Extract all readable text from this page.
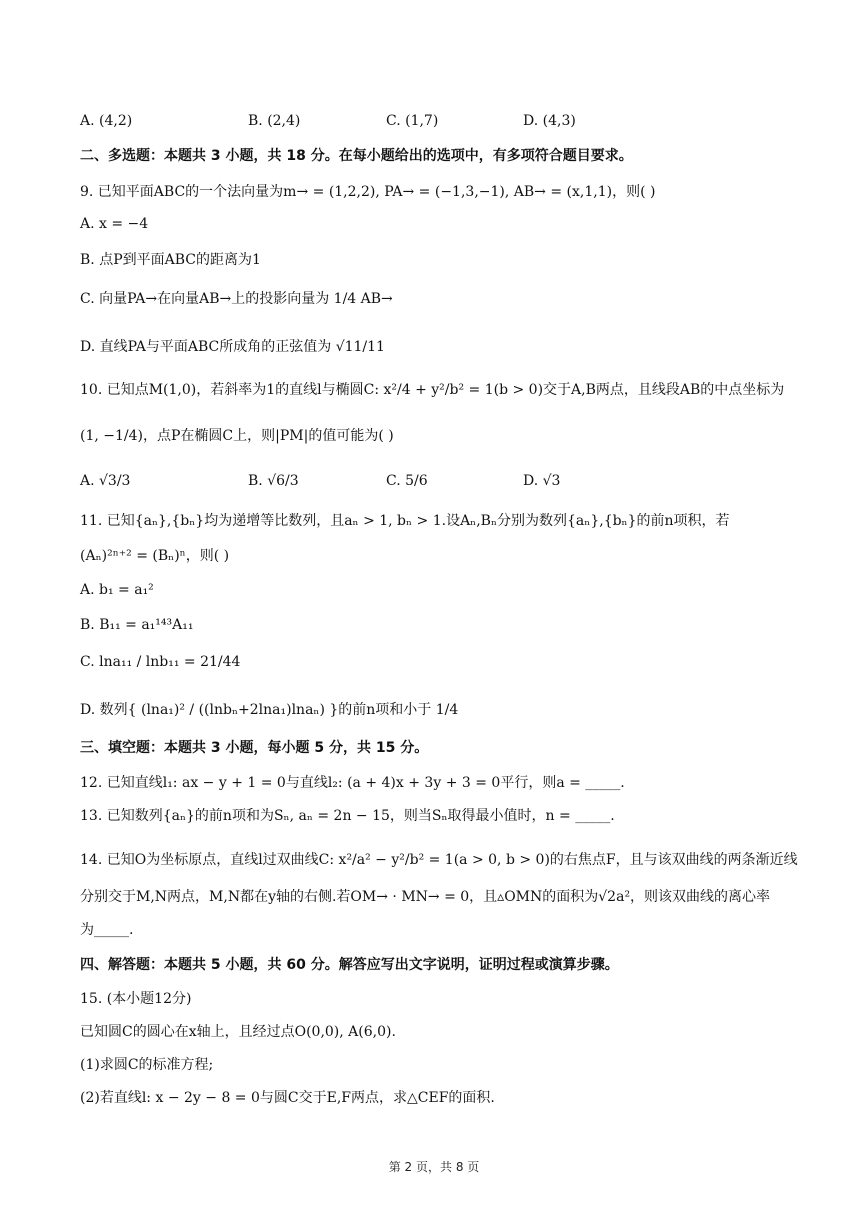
A. (4,2)	B. (2,4)	C. (1,7)	D. (4,3)
二、多选题：本题共 3 小题，共 18 分。在每小题给出的选项中，有多项符合题目要求。
9. 已知平面ABC的一个法向量为m→ = (1,2,2), PA→ = (−1,3,−1), AB→ = (x,1,1)，则( )
A. x = −4
B. 点P到平面ABC的距离为1
C. 向量PA→在向量AB→上的投影向量为 1/4 AB→
D. 直线PA与平面ABC所成角的正弦值为 √11/11
10. 已知点M(1,0)，若斜率为1的直线l与椭圆C: x²/4 + y²/b² = 1(b > 0)交于A,B两点，且线段AB的中点坐标为
(1, −1/4)，点P在椭圆C上，则|PM|的值可能为( )
A. √3/3	B. √6/3	C. 5/6	D. √3
11. 已知{aₙ},{bₙ}均为递增等比数列，且aₙ > 1, bₙ > 1.设Aₙ,Bₙ分别为数列{aₙ},{bₙ}的前n项积，若
(Aₙ)²ⁿ⁺² = (Bₙ)ⁿ，则( )
A. b₁ = a₁²
B. B₁₁ = a₁¹⁴³A₁₁
C. lna₁₁ / lnb₁₁ = 21/44
D. 数列{ (lna₁)² / ((lnbₙ+2lna₁)lnaₙ) }的前n项和小于 1/4
三、填空题：本题共 3 小题，每小题 5 分，共 15 分。
12. 已知直线l₁: ax − y + 1 = 0与直线l₂: (a + 4)x + 3y + 3 = 0平行，则a = _____.
13. 已知数列{aₙ}的前n项和为Sₙ, aₙ = 2n − 15，则当Sₙ取得最小值时，n = _____.
14. 已知O为坐标原点，直线l过双曲线C: x²/a² − y²/b² = 1(a > 0, b > 0)的右焦点F，且与该双曲线的两条渐近线
分别交于M,N两点，M,N都在y轴的右侧.若OM→ · MN→ = 0，且▵OMN的面积为√2a²，则该双曲线的离心率
为_____.
四、解答题：本题共 5 小题，共 60 分。解答应写出文字说明，证明过程或演算步骤。
15. (本小题12分)
已知圆C的圆心在x轴上，且经过点O(0,0), A(6,0).
(1)求圆C的标准方程;
(2)若直线l: x − 2y − 8 = 0与圆C交于E,F两点，求△CEF的面积.
第 2 页，共 8 页
